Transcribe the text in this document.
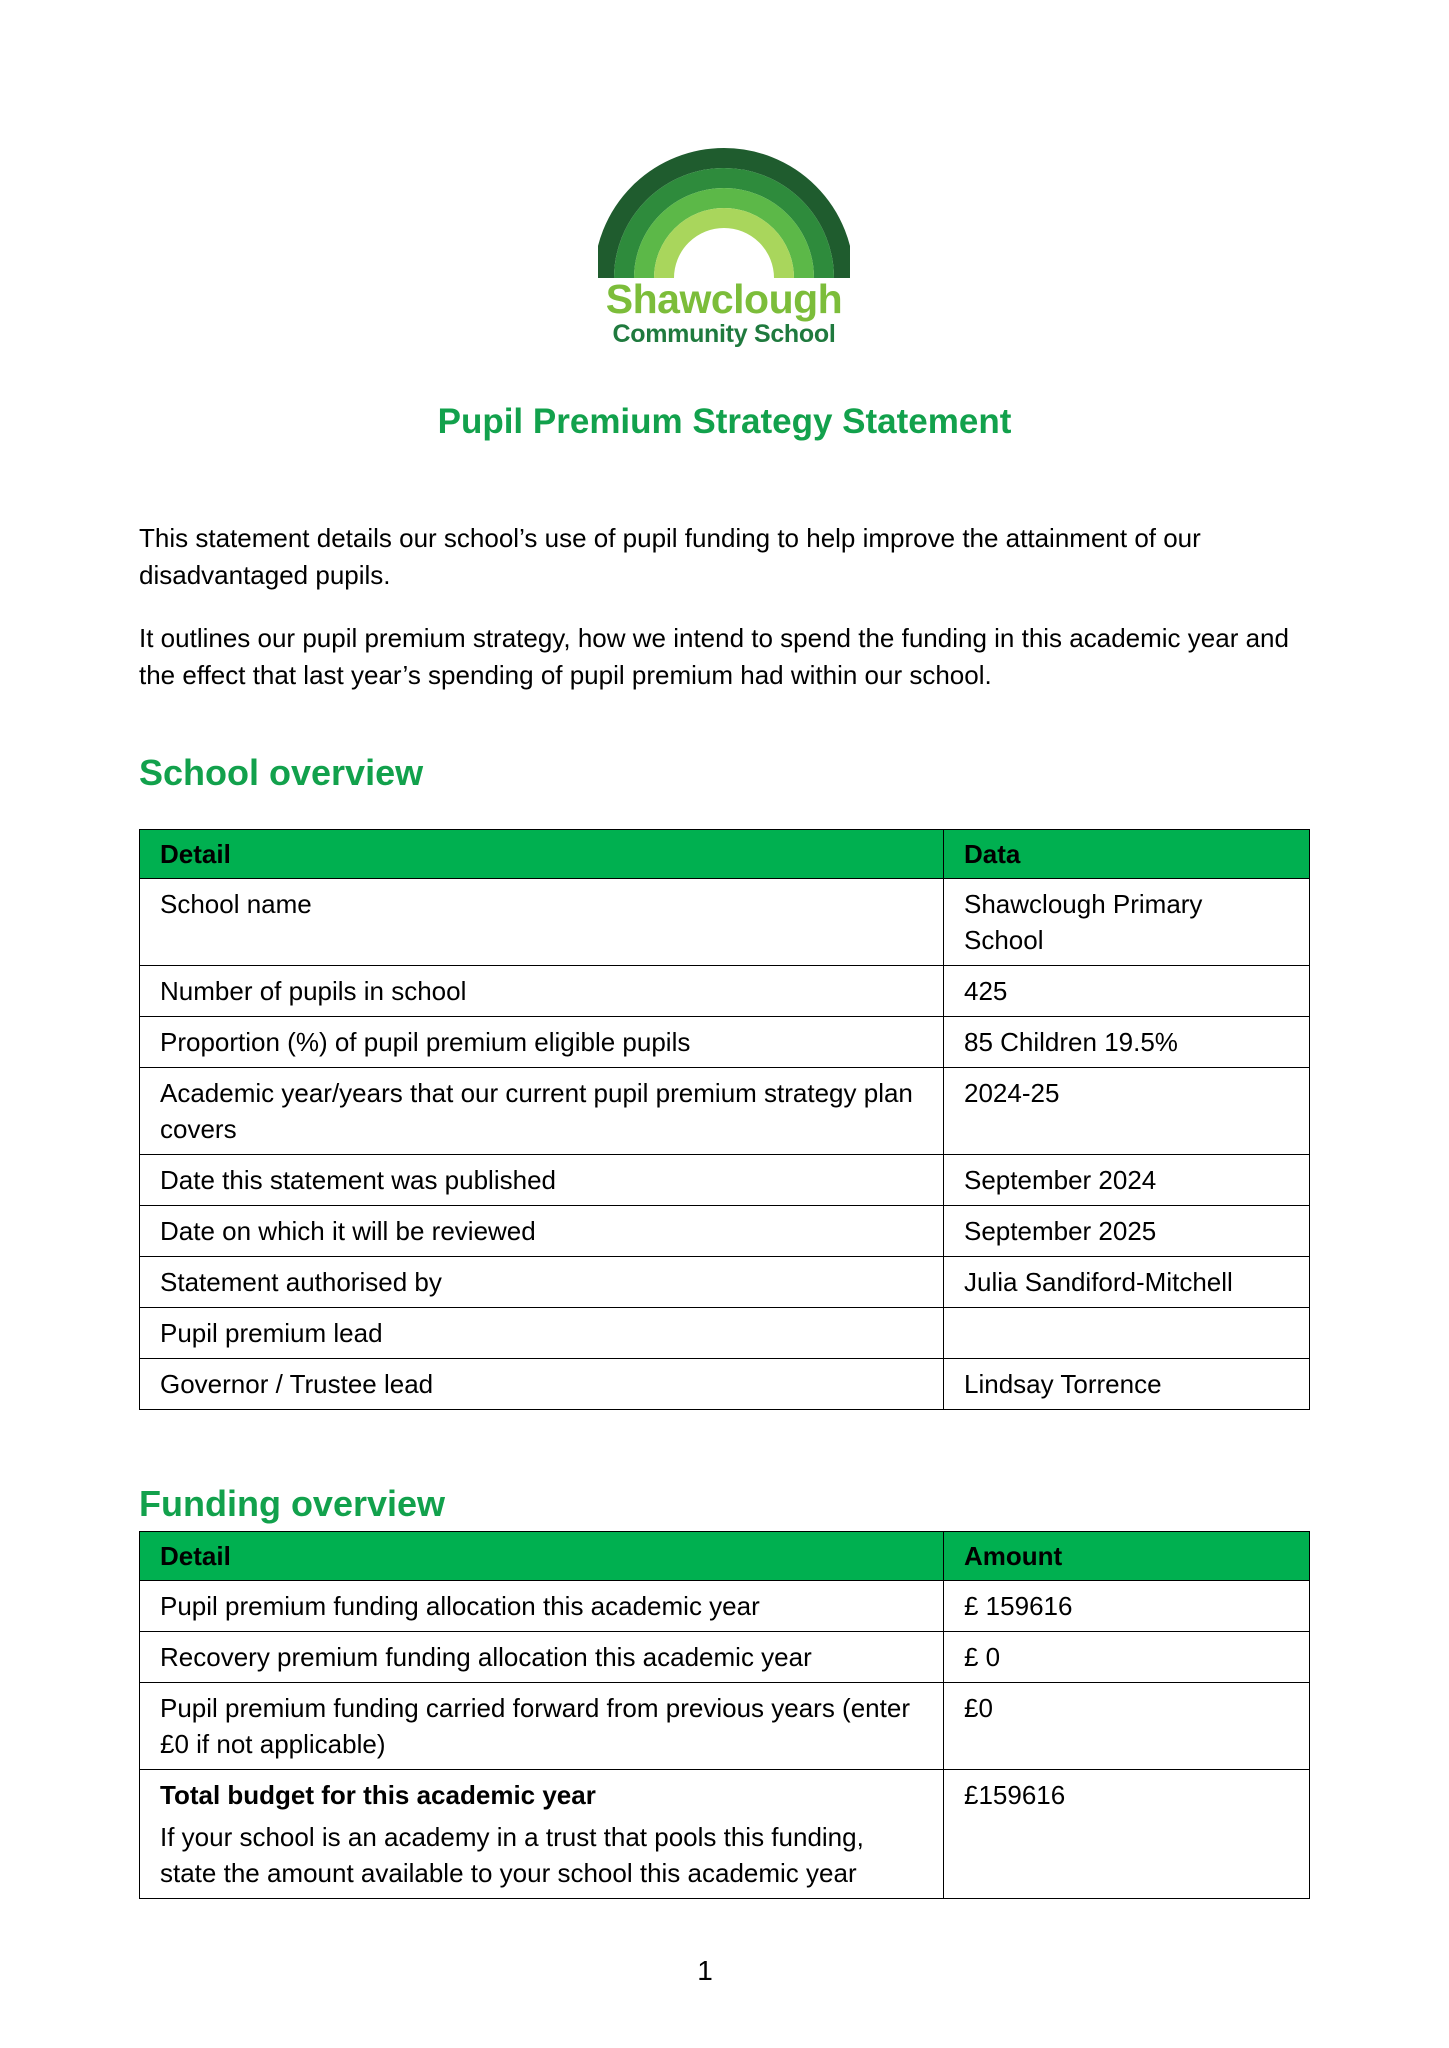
Shawclough
Community School
Pupil Premium Strategy Statement
This statement details our school’s use of pupil funding to help improve the attainment of our disadvantaged pupils.
It outlines our pupil premium strategy, how we intend to spend the funding in this academic year and the effect that last year’s spending of pupil premium had within our school.
School overview
Detail	Data
School name	Shawclough Primary School
Number of pupils in school	425
Proportion (%) of pupil premium eligible pupils	85 Children 19.5%
Academic year/years that our current pupil premium strategy plan covers	2024-25
Date this statement was published	September 2024
Date on which it will be reviewed	September 2025
Statement authorised by	Julia Sandiford-Mitchell
Pupil premium lead	
Governor / Trustee lead	Lindsay Torrence
Funding overview
Detail	Amount
Pupil premium funding allocation this academic year	£ 159616
Recovery premium funding allocation this academic year	£ 0
Pupil premium funding carried forward from previous years (enter £0 if not applicable)	£0
Total budget for this academic year
If your school is an academy in a trust that pools this funding, state the amount available to your school this academic year	£159616
1
